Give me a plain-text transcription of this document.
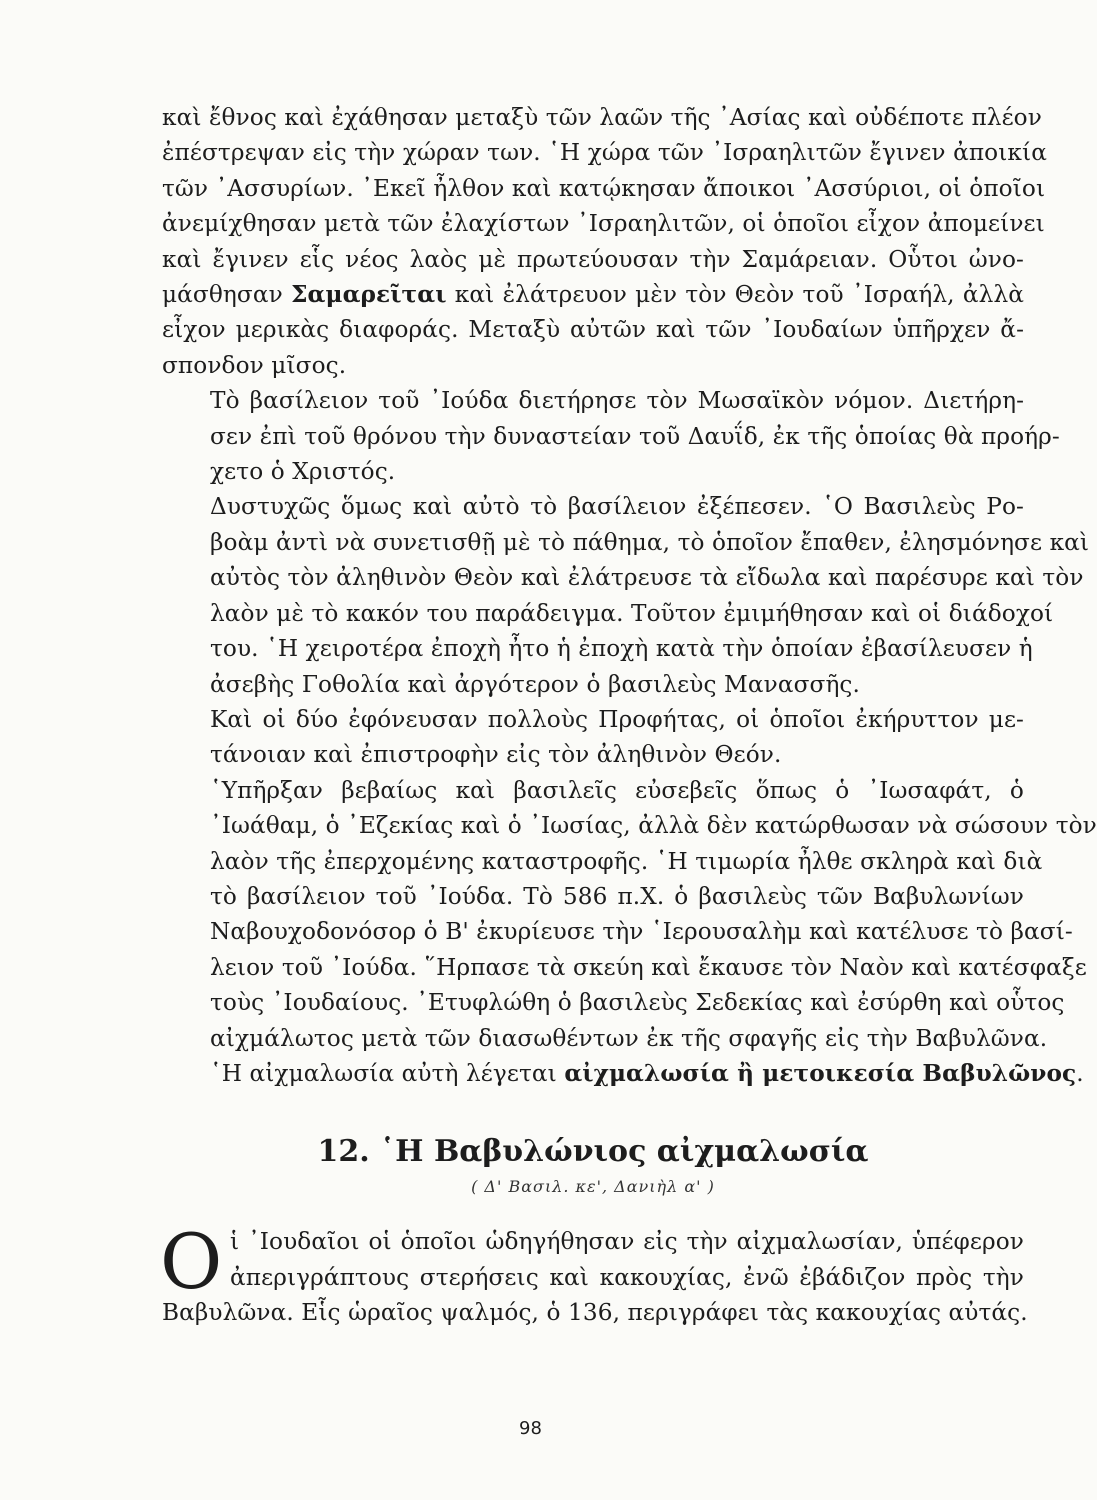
καὶ ἔθνος καὶ ἐχάθησαν μεταξὺ τῶν λαῶν τῆς ᾿Ασίας καὶ οὐδέποτε πλέον
ἐπέστρεψαν εἰς τὴν χώραν των. ῾Η χώρα τῶν ᾿Ισραηλιτῶν ἔγινεν ἀποικία
τῶν ᾿Ασσυρίων. ᾿Εκεῖ ἦλθον καὶ κατῴκησαν ἄποικοι ᾿Ασσύριοι, οἱ ὁποῖοι
ἀνεμίχθησαν μετὰ τῶν ἐλαχίστων ᾿Ισραηλιτῶν, οἱ ὁποῖοι εἶχον ἀπομείνει
καὶ ἔγινεν εἷς νέος λαὸς μὲ πρωτεύουσαν τὴν Σαμάρειαν. Οὗτοι ὠνο-
μάσθησαν Σαμαρεῖται καὶ ἐλάτρευον μὲν τὸν Θεὸν τοῦ ᾿Ισραήλ, ἀλλὰ
εἶχον μερικὰς διαφοράς. Μεταξὺ αὐτῶν καὶ τῶν ᾿Ιουδαίων ὑπῆρχεν ἄ-
σπονδον μῖσος.

Τὸ βασίλειον τοῦ ᾿Ιούδα διετήρησε τὸν Μωσαϊκὸν νόμον. Διετήρη-
σεν ἐπὶ τοῦ θρόνου τὴν δυναστείαν τοῦ Δαυΐδ, ἐκ τῆς ὁποίας θὰ προήρ-
χετο ὁ Χριστός.

Δυστυχῶς ὅμως καὶ αὐτὸ τὸ βασίλειον ἐξέπεσεν. ῾Ο Βασιλεὺς Ρο-
βοὰμ ἀντὶ νὰ συνετισθῇ μὲ τὸ πάθημα, τὸ ὁποῖον ἔπαθεν, ἐλησμόνησε καὶ
αὐτὸς τὸν ἀληθινὸν Θεὸν καὶ ἐλάτρευσε τὰ εἴδωλα καὶ παρέσυρε καὶ τὸν
λαὸν μὲ τὸ κακόν του παράδειγμα. Τοῦτον ἐμιμήθησαν καὶ οἱ διάδοχοί
του. ῾Η χειροτέρα ἐποχὴ ἦτο ἡ ἐποχὴ κατὰ τὴν ὁποίαν ἐβασίλευσεν ἡ
ἀσεβὴς Γοθολία καὶ ἀργότερον ὁ βασιλεὺς Μανασσῆς.

Καὶ οἱ δύο ἐφόνευσαν πολλοὺς Προφήτας, οἱ ὁποῖοι ἐκήρυττον με-
τάνοιαν καὶ ἐπιστροφὴν εἰς τὸν ἀληθινὸν Θεόν.

῾Υπῆρξαν βεβαίως καὶ βασιλεῖς εὐσεβεῖς ὅπως ὁ ᾿Ιωσαφάτ, ὁ
᾿Ιωάθαμ, ὁ ᾿Εζεκίας καὶ ὁ ᾿Ιωσίας, ἀλλὰ δὲν κατώρθωσαν νὰ σώσουν τὸν
λαὸν τῆς ἐπερχομένης καταστροφῆς. ῾Η τιμωρία ἦλθε σκληρὰ καὶ διὰ
τὸ βασίλειον τοῦ ᾿Ιούδα. Τὸ 586 π.Χ. ὁ βασιλεὺς τῶν Βαβυλωνίων
Ναβουχοδονόσορ ὁ Β' ἐκυρίευσε τὴν ῾Ιερουσαλὴμ καὶ κατέλυσε τὸ βασί-
λειον τοῦ ᾿Ιούδα. ῞Ηρπασε τὰ σκεύη καὶ ἔκαυσε τὸν Ναὸν καὶ κατέσφαξε
τοὺς ᾿Ιουδαίους. ᾿Ετυφλώθη ὁ βασιλεὺς Σεδεκίας καὶ ἐσύρθη καὶ οὗτος
αἰχμάλωτος μετὰ τῶν διασωθέντων ἐκ τῆς σφαγῆς εἰς τὴν Βαβυλῶνα.
῾Η αἰχμαλωσία αὐτὴ λέγεται αἰχμαλωσία ἢ μετοικεσία Βαβυλῶνος.

12. ῾Η Βαβυλώνιος αἰχμαλωσία
( Δ' Βασιλ. κε', Δανιὴλ α' )
Ο ἱ ᾿Ιουδαῖοι οἱ ὁποῖοι ὡδηγήθησαν εἰς τὴν αἰχμαλωσίαν, ὑπέφερον
ἀπεριγράπτους στερήσεις καὶ κακουχίας, ἐνῶ ἐβάδιζον πρὸς τὴν
Βαβυλῶνα. Εἷς ὡραῖος ψαλμός, ὁ 136, περιγράφει τὰς κακουχίας αὐτάς.
98
